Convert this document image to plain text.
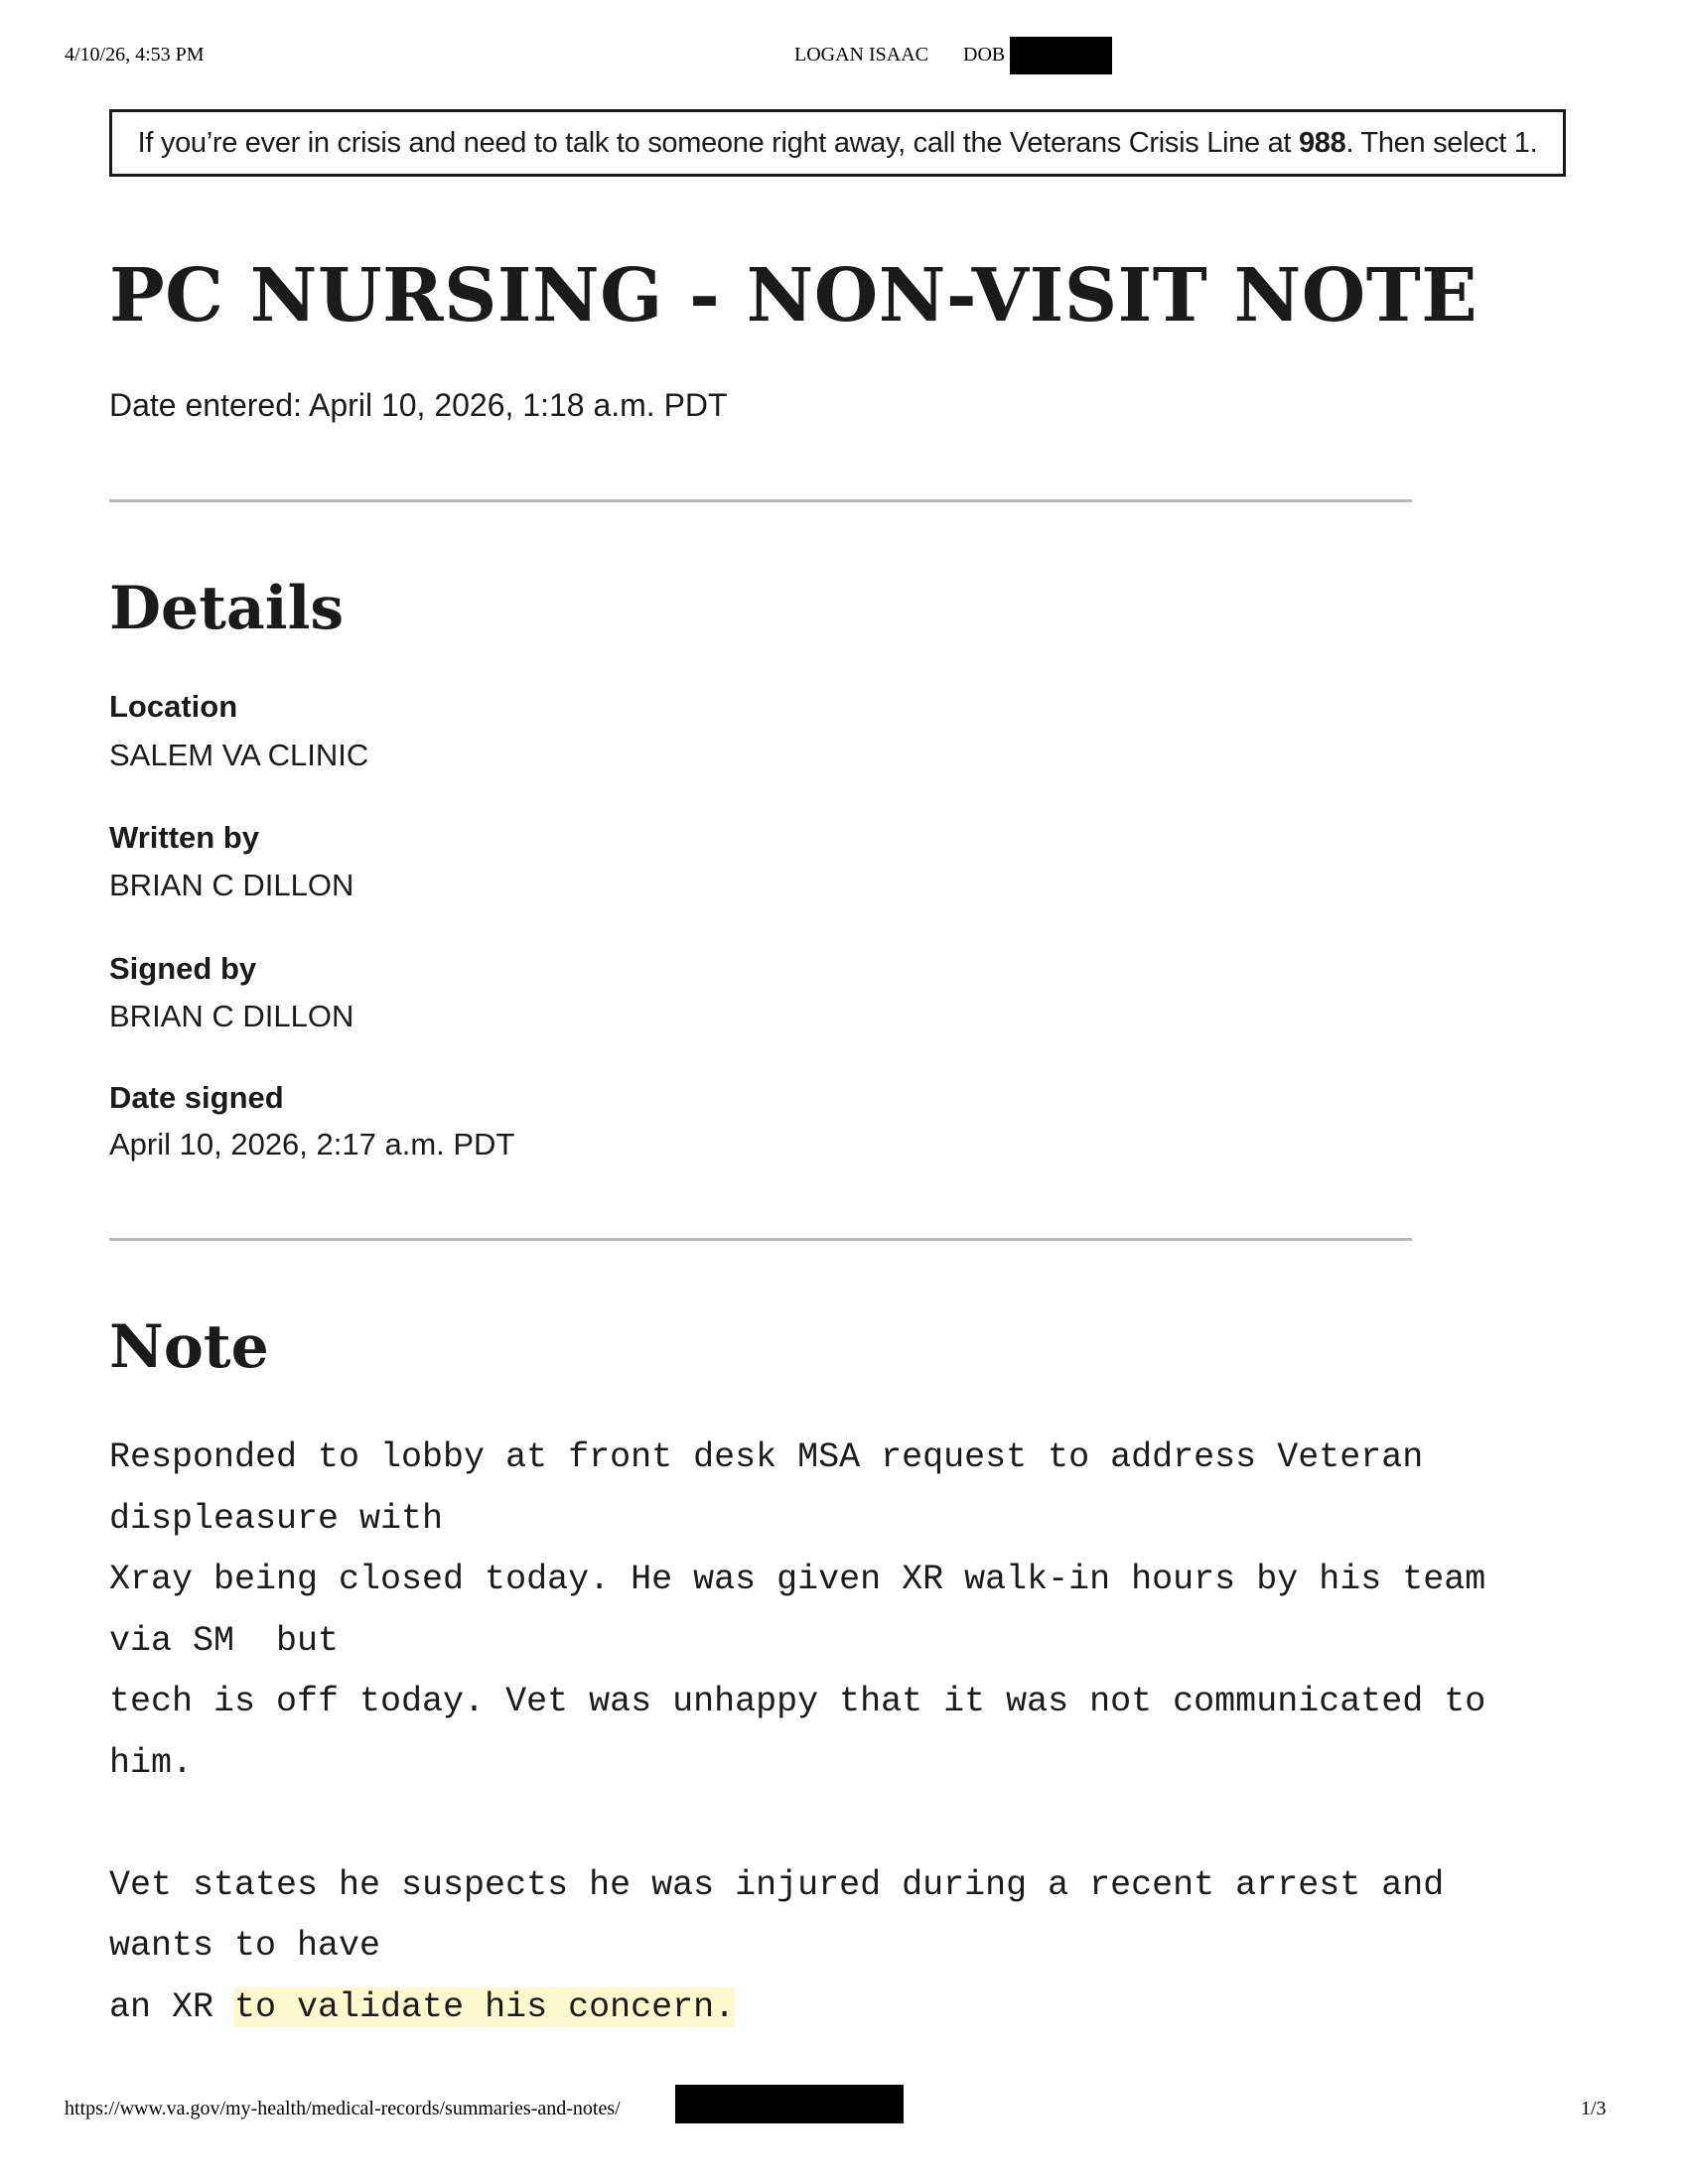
4/10/26, 4:53 PM	LOGAN ISAAC DOB
If you’re ever in crisis and need to talk to someone right away, call the Veterans Crisis Line at 988. Then select 1.
PC NURSING - NON-VISIT NOTE
Date entered: April 10, 2026, 1:18 a.m. PDT
Details
Location
SALEM VA CLINIC
Written by
BRIAN C DILLON
Signed by
BRIAN C DILLON
Date signed
April 10, 2026, 2:17 a.m. PDT
Note
Responded to lobby at front desk MSA request to address Veteran
displeasure with
Xray being closed today. He was given XR walk-in hours by his team
via SM  but
tech is off today. Vet was unhappy that it was not communicated to
him.

Vet states he suspects he was injured during a recent arrest and
wants to have
an XR to validate his concern.
https://www.va.gov/my-health/medical-records/summaries-and-notes/	1/3
